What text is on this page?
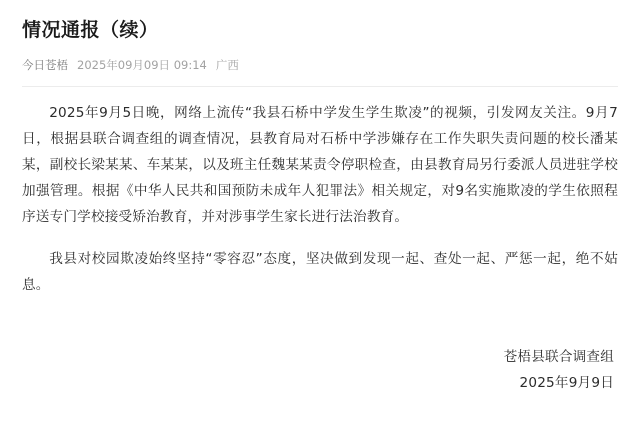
情况通报（续）
今日苍梧 2025年09月09日 09:14 广西

2025年9月5日晚，网络上流传“我县石桥中学发生学生欺凌”的视频，引发网友关注。9月7日，根据县联合调查组的调查情况，县教育局对石桥中学涉嫌存在工作失职失责问题的校长潘某某，副校长梁某某、车某某，以及班主任魏某某责令停职检查，由县教育局另行委派人员进驻学校加强管理。根据《中华人民共和国预防未成年人犯罪法》相关规定，对9名实施欺凌的学生依照程序送专门学校接受矫治教育，并对涉事学生家长进行法治教育。

我县对校园欺凌始终坚持“零容忍”态度，坚决做到发现一起、查处一起、严惩一起，绝不姑息。

苍梧县联合调查组
2025年9月9日
